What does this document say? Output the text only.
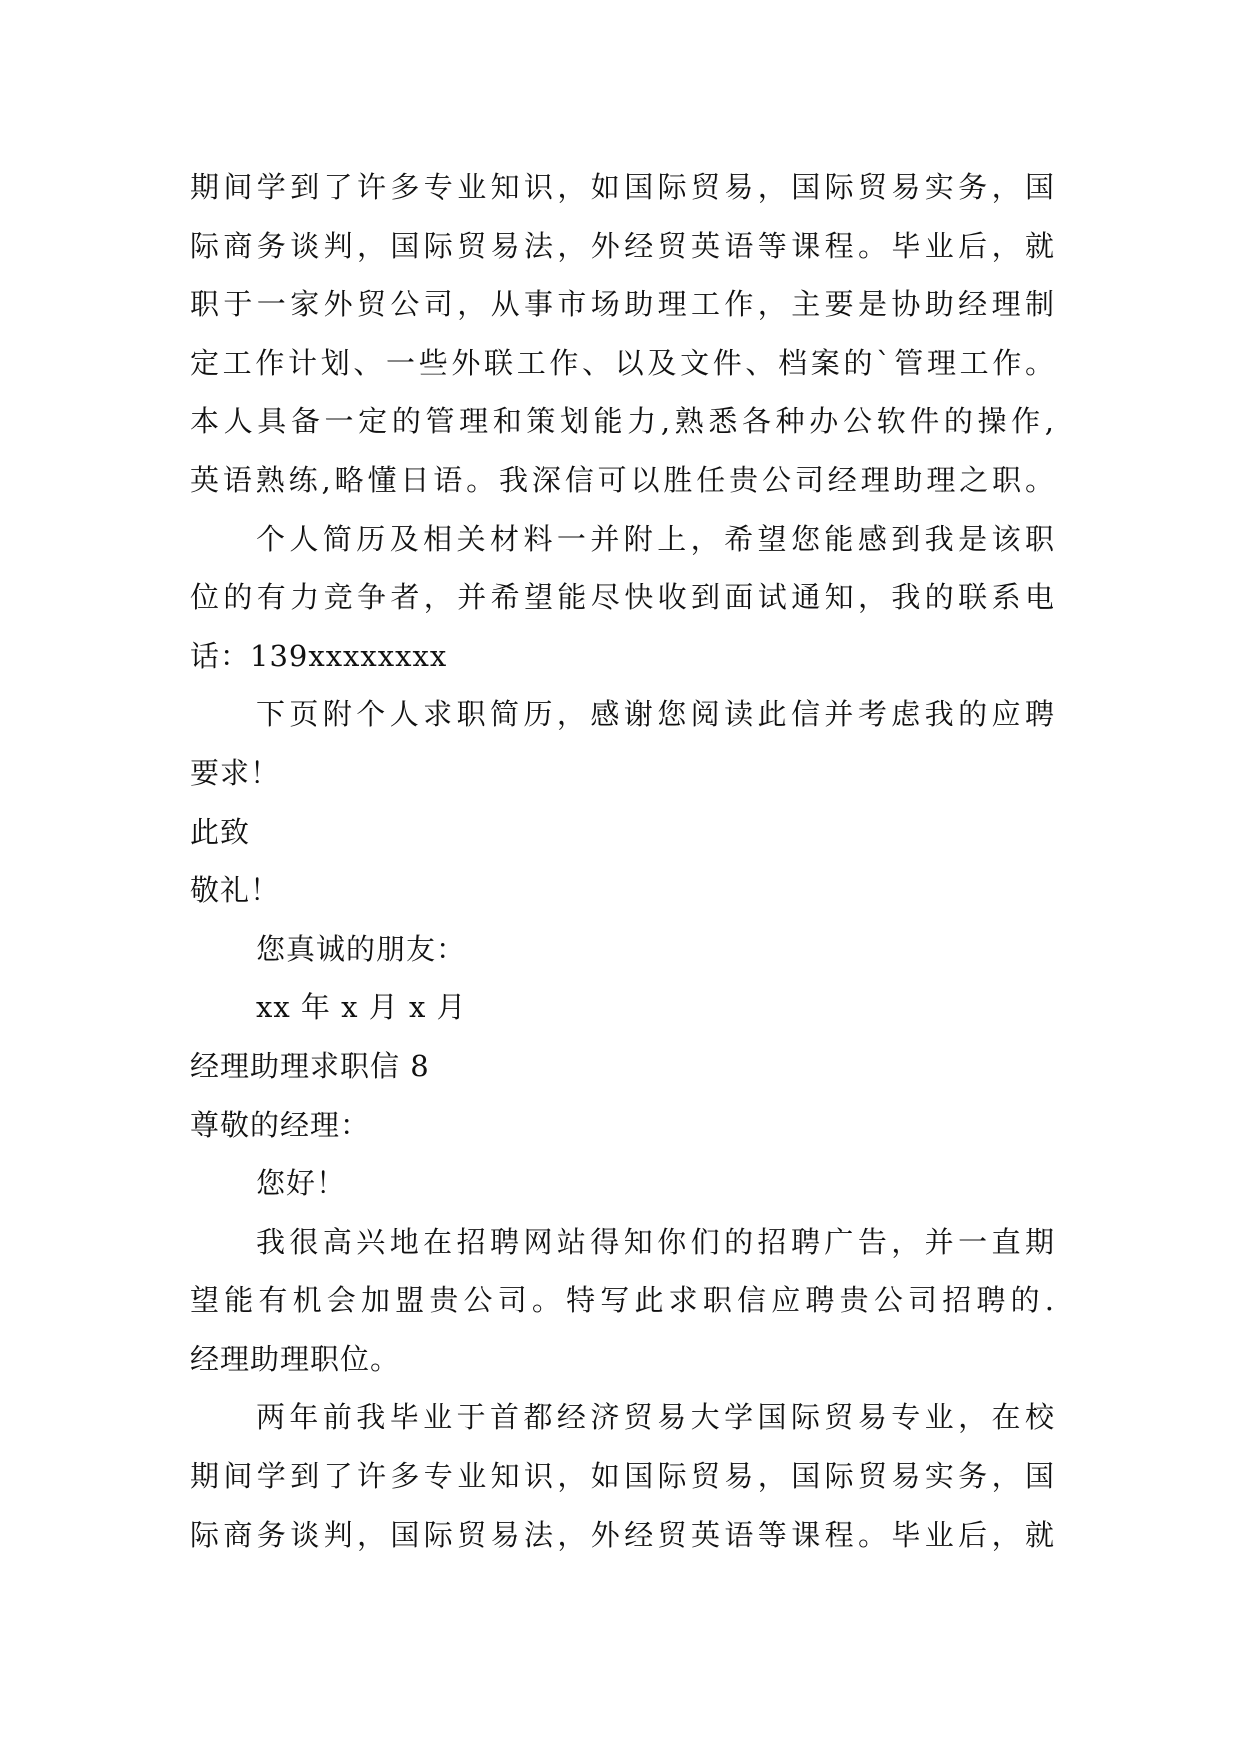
期间学到了许多专业知识，如国际贸易，国际贸易实务，国
际商务谈判，国际贸易法，外经贸英语等课程。毕业后，就
职于一家外贸公司，从事市场助理工作，主要是协助经理制
定工作计划、一些外联工作、以及文件、档案的`管理工作。
本人具备一定的管理和策划能力,熟悉各种办公软件的操作,
英语熟练,略懂日语。我深信可以胜任贵公司经理助理之职。
个人简历及相关材料一并附上，希望您能感到我是该职
位的有力竞争者，并希望能尽快收到面试通知，我的联系电
话：139xxxxxxxx
下页附个人求职简历，感谢您阅读此信并考虑我的应聘
要求！
此致
敬礼！
您真诚的朋友：
xx 年 x 月 x 月
经理助理求职信 8
尊敬的经理：
您好！
我很高兴地在招聘网站得知你们的招聘广告，并一直期
望能有机会加盟贵公司。特写此求职信应聘贵公司招聘的.
经理助理职位。
两年前我毕业于首都经济贸易大学国际贸易专业，在校
期间学到了许多专业知识，如国际贸易，国际贸易实务，国
际商务谈判，国际贸易法，外经贸英语等课程。毕业后，就
